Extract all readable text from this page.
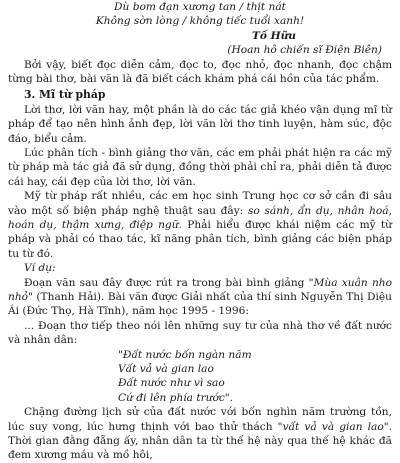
Dù bom đạn xương tan / thịt nát
Không sờn lòng / không tiếc tuổi xanh!
Tố Hữu
(Hoan hô chiến sĩ Điện Biên)

Bởi vậy, biết đọc diễn cảm, đọc to, đọc nhỏ, đọc nhanh, đọc chậm từng bài thơ, bài văn là đã biết cách khám phá cái hồn của tác phẩm.

3. Mĩ từ pháp

Lời thơ, lời văn hay, một phần là do các tác giả khéo vận dụng mĩ từ pháp để tạo nên hình ảnh đẹp, lời văn lời thơ tinh luyện, hàm súc, độc đáo, biểu cảm.

Lúc phân tích - bình giảng thơ văn, các em phải phát hiện ra các mỹ từ pháp mà tác giả đã sử dụng, đồng thời phải chỉ ra, phải diễn tả được cái hay, cái đẹp của lời thơ, lời văn.

Mỹ từ pháp rất nhiều, các em học sinh Trung học cơ sở cần đi sâu vào một số biện pháp nghệ thuật sau đây: so sánh, ẩn dụ, nhân hoá, hoán dụ, thậm xưng, điệp ngữ. Phải hiểu được khái niệm các mỹ từ pháp và phải có thao tác, kĩ năng phân tích, bình giảng các biện pháp tu từ đó.

Ví dụ:

Đoạn văn sau đây được rút ra trong bài bình giảng "Mùa xuân nho nhỏ" (Thanh Hải). Bài văn được Giải nhất của thí sinh Nguyễn Thị Diệu Ái (Đức Thọ, Hà Tĩnh), năm học 1995 - 1996:

... Đoạn thơ tiếp theo nói lên những suy tư của nhà thơ về đất nước và nhân dân:

"Đất nước bốn ngàn năm
Vất vả và gian lao
Đất nước như vì sao
Cứ đi lên phía trước".

Chặng đường lịch sử của đất nước với bốn nghìn năm trường tồn, lúc suy vong, lúc hưng thịnh với bao thử thách "vất vả và gian lao". Thời gian đằng đẵng ấy, nhân dân ta từ thế hệ này qua thế hệ khác đã đem xương máu và mồ hôi,
